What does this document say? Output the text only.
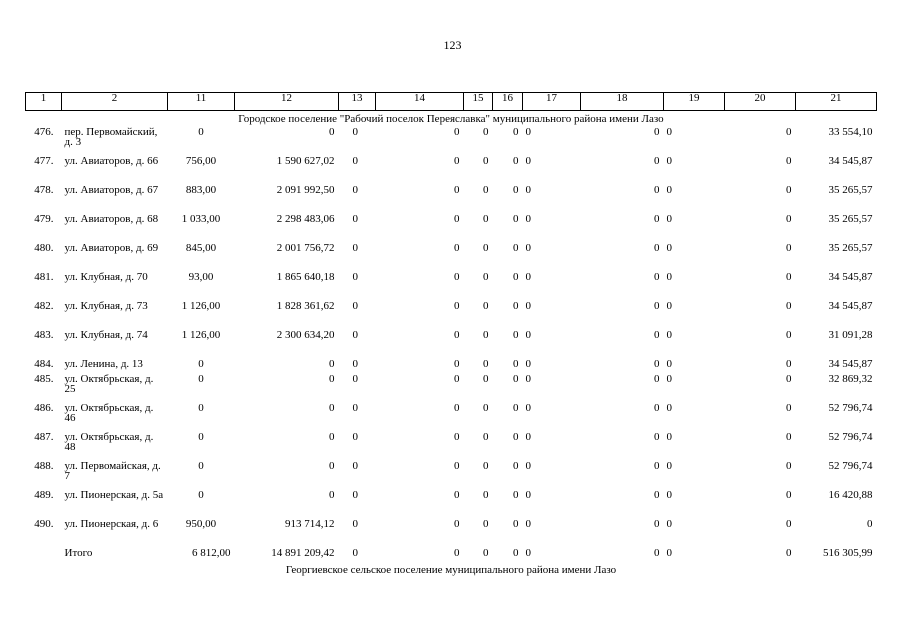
123
1	2	11	12	13	14	15	16	17	18	19	20	21
Городское поселение "Рабочий поселок Переяславка" муниципального района имени Лазо												
476.	пер. Первомайский, д. 3	0	0	0	0	0	0	0	0	0	0	33 554,10
477.	ул. Авиаторов, д. 66	756,00	1 590 627,02	0	0	0	0	0	0	0	0	34 545,87
478.	ул. Авиаторов, д. 67	883,00	2 091 992,50	0	0	0	0	0	0	0	0	35 265,57
479.	ул. Авиаторов, д. 68	1 033,00	2 298 483,06	0	0	0	0	0	0	0	0	35 265,57
480.	ул. Авиаторов, д. 69	845,00	2 001 756,72	0	0	0	0	0	0	0	0	35 265,57
481.	ул. Клубная, д. 70	93,00	1 865 640,18	0	0	0	0	0	0	0	0	34 545,87
482.	ул. Клубная, д. 73	1 126,00	1 828 361,62	0	0	0	0	0	0	0	0	34 545,87
483.	ул. Клубная, д. 74	1 126,00	2 300 634,20	0	0	0	0	0	0	0	0	31 091,28
484.	ул. Ленина, д. 13	0	0	0	0	0	0	0	0	0	0	34 545,87
485.	ул. Октябрьская, д. 25	0	0	0	0	0	0	0	0	0	0	32 869,32
486.	ул. Октябрьская, д. 46	0	0	0	0	0	0	0	0	0	0	52 796,74
487.	ул. Октябрьская, д. 48	0	0	0	0	0	0	0	0	0	0	52 796,74
488.	ул. Первомайская, д. 7	0	0	0	0	0	0	0	0	0	0	52 796,74
489.	ул. Пионерская, д. 5а	0	0	0	0	0	0	0	0	0	0	16 420,88
490.	ул. Пионерская, д. 6	950,00	913 714,12	0	0	0	0	0	0	0	0	0
	Итого	6 812,00	14 891 209,42	0	0	0	0	0	0	0	0	516 305,99
Георгиевское сельское поселение муниципального района имени Лазо												
